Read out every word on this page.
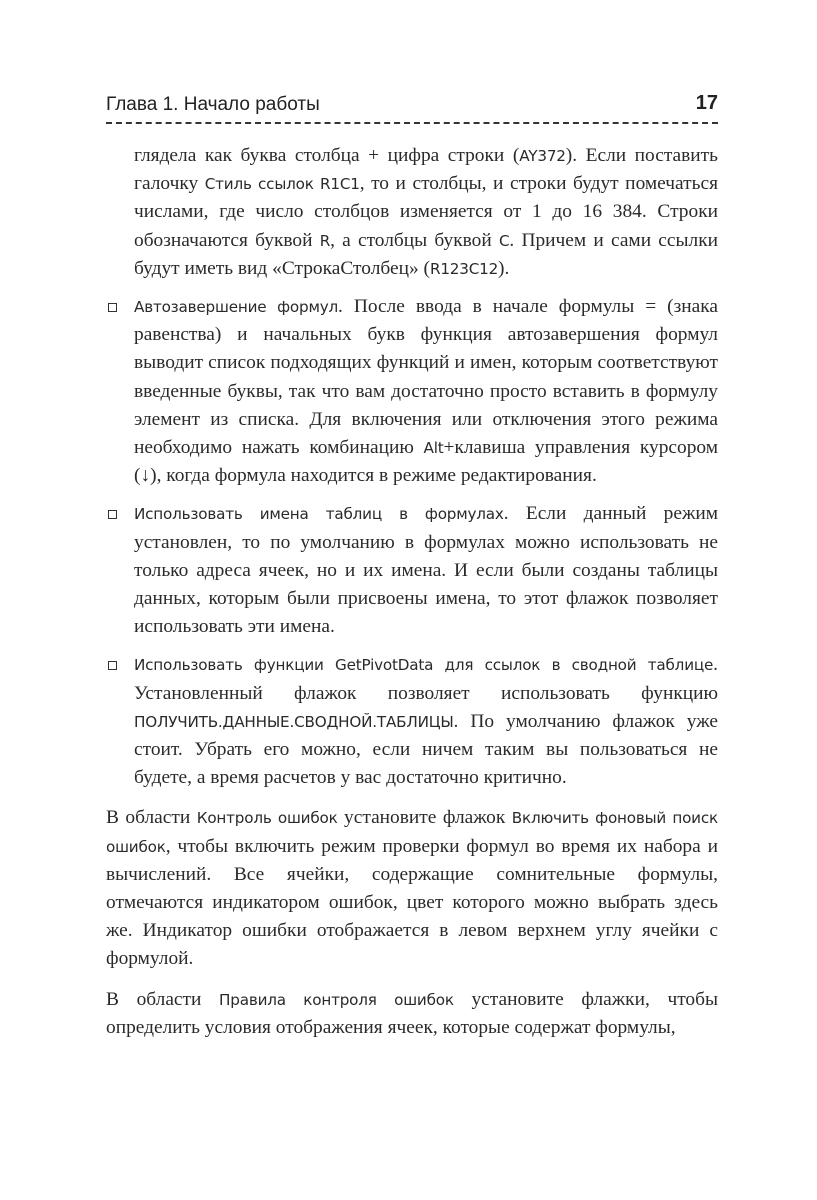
Глава 1. Начало работы	17

глядела как буква столбца + цифра строки (AY372). Если поставить галочку Стиль ссылок R1C1, то и столбцы, и строки будут помечаться числами, где число столбцов изменяется от 1 до 16 384. Строки обозначаются буквой R, а столбцы буквой C. Причем и сами ссылки будут иметь вид «СтрокаСтолбец» (R123C12).

Автозавершение формул. После ввода в начале формулы = (знака равенства) и начальных букв функция автозавершения формул выводит список подходящих функций и имен, которым соответствуют введенные буквы, так что вам достаточно просто вставить в формулу элемент из списка. Для включения или отключения этого режима необходимо нажать комбинацию Alt+клавиша управления курсором (↓), когда формула находится в режиме редактирования.

Использовать имена таблиц в формулах. Если данный режим установлен, то по умолчанию в формулах можно использовать не только адреса ячеек, но и их имена. И если были созданы таблицы данных, которым были присвоены имена, то этот флажок позволяет использовать эти имена.

Использовать функции GetPivotData для ссылок в сводной таблице. Установленный флажок позволяет использовать функцию ПОЛУЧИТЬ.ДАННЫЕ.СВОДНОЙ.ТАБЛИЦЫ. По умолчанию флажок уже стоит. Убрать его можно, если ничем таким вы пользоваться не будете, а время расчетов у вас достаточно критично.

В области Контроль ошибок установите флажок Включить фоновый поиск ошибок, чтобы включить режим проверки формул во время их набора и вычислений. Все ячейки, содержащие сомнительные формулы, отмечаются индикатором ошибок, цвет которого можно выбрать здесь же. Индикатор ошибки отображается в левом верхнем углу ячейки с формулой.

В области Правила контроля ошибок установите флажки, чтобы определить условия отображения ячеек, которые содержат формулы,
